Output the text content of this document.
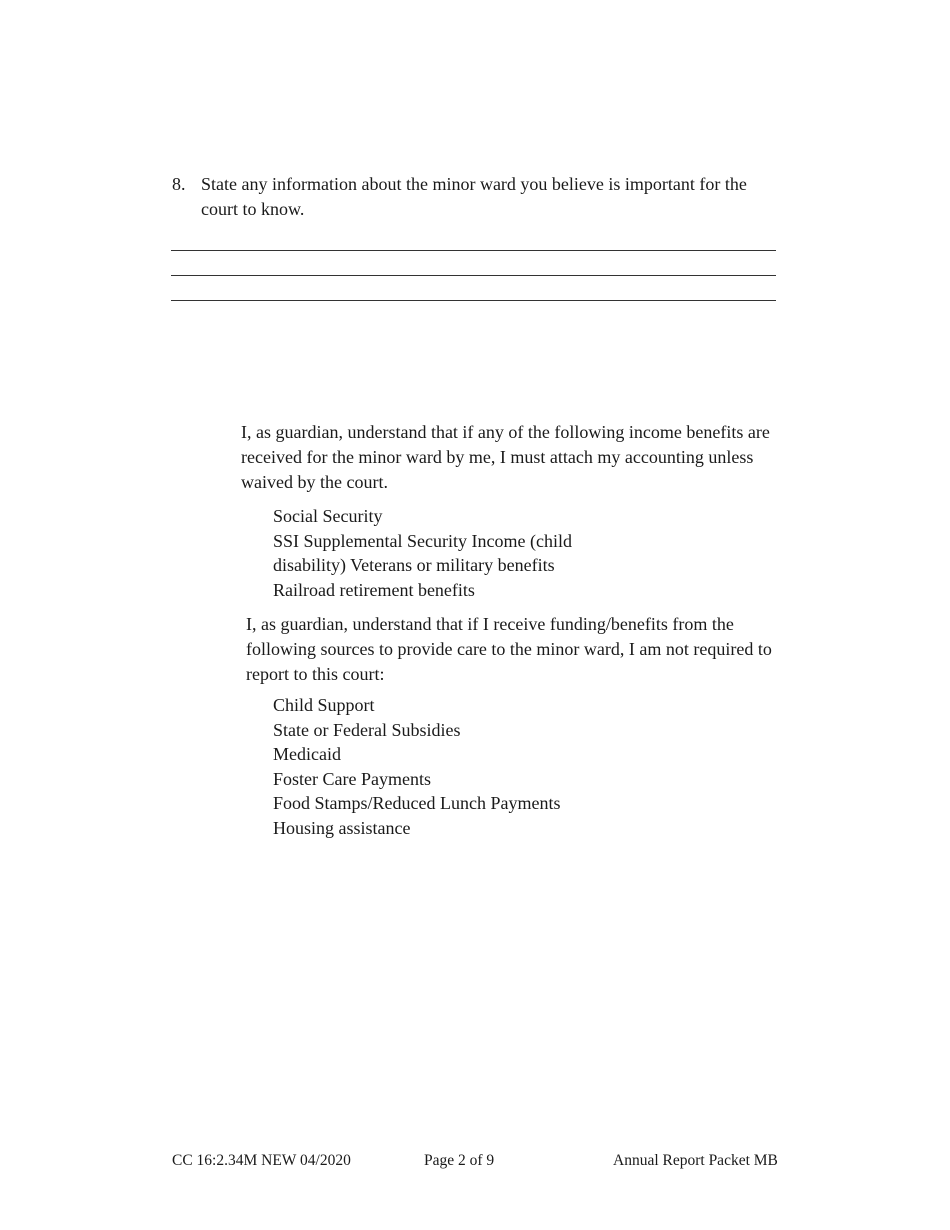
8. State any information about the minor ward you believe is important for the court to know.
I, as guardian, understand that if any of the following income benefits are received for the minor ward by me, I must attach my accounting unless waived by the court.
Social Security
SSI Supplemental Security Income (child
disability) Veterans or military benefits
Railroad retirement benefits
I, as guardian, understand that if I receive funding/benefits from the following sources to provide care to the minor ward, I am not required to report to this court:
Child Support
State or Federal Subsidies
Medicaid
Foster Care Payments
Food Stamps/Reduced Lunch Payments
Housing assistance
CC 16:2.34M NEW 04/2020	Page 2 of 9	Annual Report Packet MB
